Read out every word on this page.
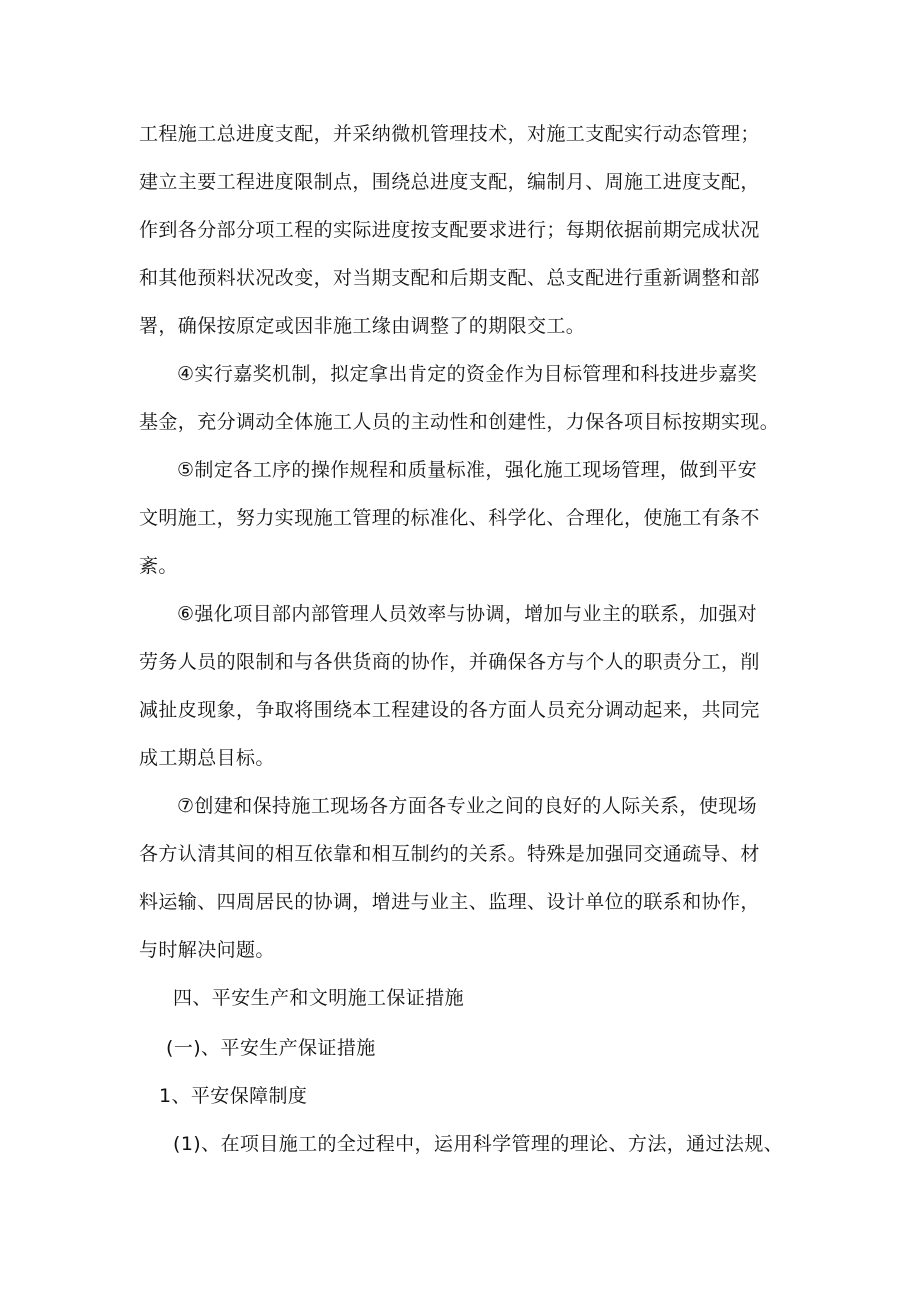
工程施工总进度支配，并采纳微机管理技术，对施工支配实行动态管理；
建立主要工程进度限制点，围绕总进度支配，编制月、周施工进度支配，
作到各分部分项工程的实际进度按支配要求进行；每期依据前期完成状况
和其他预料状况改变，对当期支配和后期支配、总支配进行重新调整和部
署，确保按原定或因非施工缘由调整了的期限交工。
④实行嘉奖机制，拟定拿出肯定的资金作为目标管理和科技进步嘉奖
基金，充分调动全体施工人员的主动性和创建性，力保各项目标按期实现。
⑤制定各工序的操作规程和质量标准，强化施工现场管理，做到平安
文明施工，努力实现施工管理的标准化、科学化、合理化，使施工有条不
紊。
⑥强化项目部内部管理人员效率与协调，增加与业主的联系，加强对
劳务人员的限制和与各供货商的协作，并确保各方与个人的职责分工，削
减扯皮现象，争取将围绕本工程建设的各方面人员充分调动起来，共同完
成工期总目标。
⑦创建和保持施工现场各方面各专业之间的良好的人际关系，使现场
各方认清其间的相互依靠和相互制约的关系。特殊是加强同交通疏导、材
料运输、四周居民的协调，增进与业主、监理、设计单位的联系和协作，
与时解决问题。
四、平安生产和文明施工保证措施
(一)、平安生产保证措施
1、平安保障制度
(1)、在项目施工的全过程中，运用科学管理的理论、方法，通过法规、
